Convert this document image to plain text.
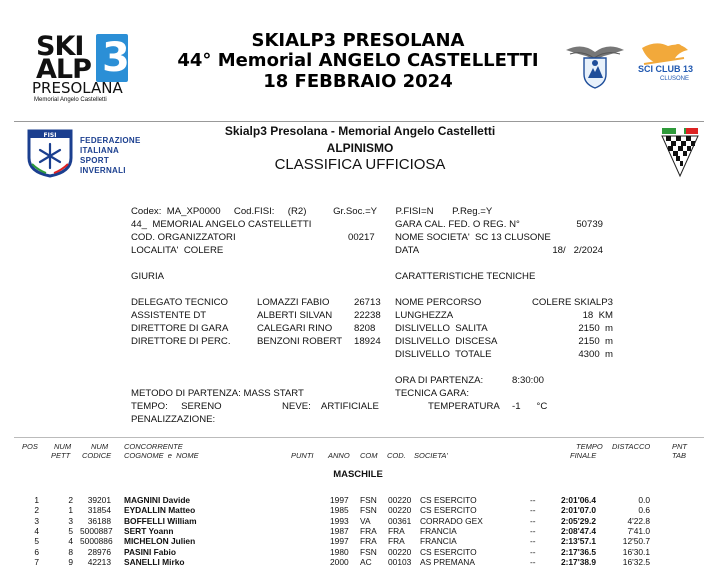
SKI
ALP 3
PRESOLANA
Memorial Angelo Castelletti
SKIALP3 PRESOLANA
44° Memorial ANGELO CASTELLETTI
18 FEBBRAIO 2024
SCI CLUB 13
CLUSONE
FISI
FEDERAZIONE
ITALIANA
SPORT
INVERNALI
Skialp3 Presolana - Memorial Angelo Castelletti
ALPINISMO
CLASSIFICA UFFICIOSA
Codex:  MA_XP0000     Cod.FISI:     (R2)          Gr.Soc.=Y       P.FISI=N       P.Reg.=Y
44_  MEMORIAL ANGELO CASTELLETTI
COD. ORGANIZZATORI	00217
LOCALITA'  COLERE
GARA CAL. FED. O REG. N°	50739
NOME SOCIETA'  SC 13 CLUSONE
DATA	18/   2/2024
GIURIA	CARATTERISTICHE TECNICHE
DELEGATO TECNICO	LOMAZZI FABIO	26713
ASSISTENTE DT	ALBERTI SILVAN 22238
DIRETTORE DI GARA	CALEGARI RINO 8208
DIRETTORE DI PERC.	BENZONI ROBERT 18924
NOME PERCORSO	COLERE SKIALP3
LUNGHEZZA	18  KM
DISLIVELLO  SALITA	2150  m
DISLIVELLO  DISCESA	2150  m
DISLIVELLO  TOTALE	4300  m
ORA DI PARTENZA:	8:30:00
METODO DI PARTENZA: MASS START	TECNICA GARA:
TEMPO:     SERENO	NEVE:    ARTIFICIALE	TEMPERATURA -1      °C
PENALIZZAZIONE:
POS NUM
PETT
NUM
CODICE
CONCORRENTE
COGNOME  e  NOME	PUNTI ANNO COM COD. SOCIETA'
TEMPO
FINALE
DISTACCO	PNT
TAB
MASCHILE
1	2	39201 MAGNINI Davide	1997 FSN 00220 CS ESERCITO	--	2:01'06.4	0.0
2	1	31854 EYDALLIN Matteo	1985 FSN 00220 CS ESERCITO	--	2:01'07.0	0.6
3	3	36188 BOFFELLI William	1993 VA 00361 CORRADO GEX	--	2:05'29.2	4'22.8
4	5 5000887 SERT Yoann	1987 FRA FRA FRANCIA	--	2:08'47.4	7'41.0
5	4 5000886 MICHELON Julien	1997 FRA FRA FRANCIA	--	2:13'57.1	12'50.7
6	8	28976 PASINI Fabio	1980 FSN 00220 CS ESERCITO	--	2:17'36.5	16'30.1
7	9	42213 SANELLI Mirko	2000 AC 00103 AS PREMANA	--	2:17'38.9	16'32.5
